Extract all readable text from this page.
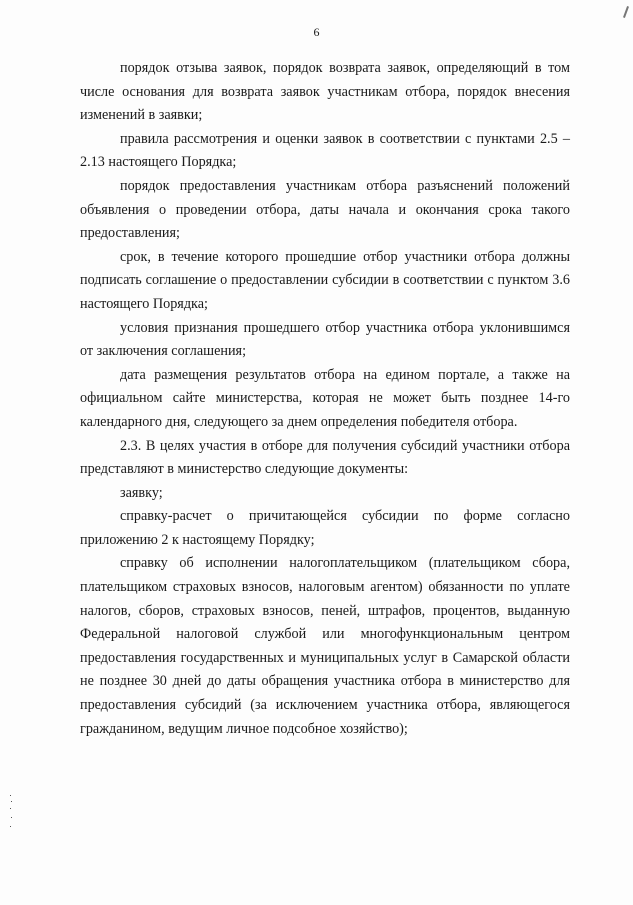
6

порядок отзыва заявок, порядок возврата заявок, определяющий в том числе основания для возврата заявок участникам отбора, порядок внесения изменений в заявки;

правила рассмотрения и оценки заявок в соответствии с пунктами 2.5 – 2.13 настоящего Порядка;

порядок предоставления участникам отбора разъяснений положений объявления о проведении отбора, даты начала и окончания срока такого предоставления;

срок, в течение которого прошедшие отбор участники отбора должны подписать соглашение о предоставлении субсидии в соответствии с пунктом 3.6 настоящего Порядка;

условия признания прошедшего отбор участника отбора уклонившимся от заключения соглашения;

дата размещения результатов отбора на едином портале, а также на официальном сайте министерства, которая не может быть позднее 14-го календарного дня, следующего за днем определения победителя отбора.

2.3. В целях участия в отборе для получения субсидий участники отбора представляют в министерство следующие документы:

заявку;

справку-расчет о причитающейся субсидии по форме согласно приложению 2 к настоящему Порядку;

справку об исполнении налогоплательщиком (плательщиком сбора, плательщиком страховых взносов, налоговым агентом) обязанности по уплате налогов, сборов, страховых взносов, пеней, штрафов, процентов, выданную Федеральной налоговой службой или многофункциональным центром предоставления государственных и муниципальных услуг в Самарской области не позднее 30 дней до даты обращения участника отбора в министерство для предоставления субсидий (за исключением участника отбора, являющегося гражданином, ведущим личное подсобное хозяйство);
